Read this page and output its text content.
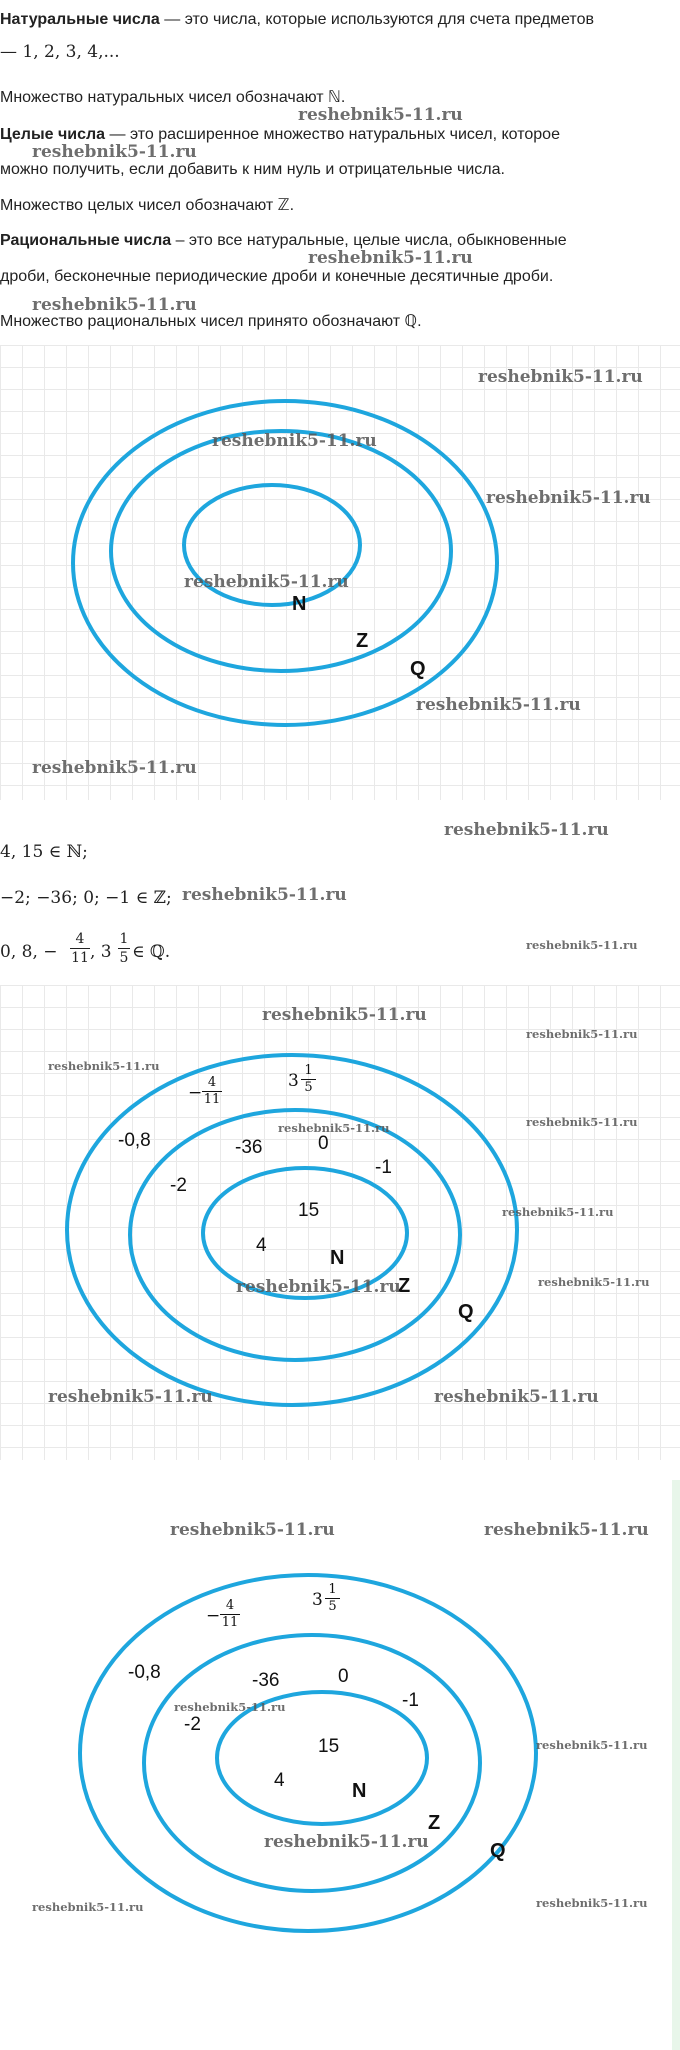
Натуральные числа — это числа, которые используются для счета предметов

— 1, 2, 3, 4,...

Множество натуральных чисел обозначают ℕ.

Целые числа — это расширенное множество натуральных чисел, которое

можно получить, если добавить к ним нуль и отрицательные числа.

Множество целых чисел обозначают ℤ.

Рациональные числа – это все натуральные, целые числа, обыкновенные

дроби, бесконечные периодические дроби и конечные десятичные дроби.

Множество рациональных чисел принято обозначают ℚ.

reshebnik5-11.ru
reshebnik5-11.ru
reshebnik5-11.ru
reshebnik5-11.ru
N
Z
Q
reshebnik5-11.ru
reshebnik5-11.ru
reshebnik5-11.ru
reshebnik5-11.ru
reshebnik5-11.ru
reshebnik5-11.ru
reshebnik5-11.ru

4, 15 ∈ ℕ;

−2; −36; 0; −1 ∈ ℤ; reshebnik5-11.ru
0, 8, − $\frac{4}{11}$ , $3 \frac{1}{5}$ ∈ ℚ.	reshebnik5-11.ru
−
4
11
3
1
5
-0,8	-36	0
-1
-2
15
4
N
Z
Q
reshebnik5-11.ru
reshebnik5-11.ru
reshebnik5-11.ru
reshebnik5-11.ru
reshebnik5-11.ru
reshebnik5-11.ru
reshebnik5-11.ru
reshebnik5-11.ru
reshebnik5-11.ru	reshebnik5-11.ru
−
4
11
3
1
5
-0,8	-36	0
-1
-2
15
4	N
Z
Q
reshebnik5-11.ru	reshebnik5-11.ru
reshebnik5-11.ru
reshebnik5-11.ru
reshebnik5-11.ru
reshebnik5-11.ru	reshebnik5-11.ru
